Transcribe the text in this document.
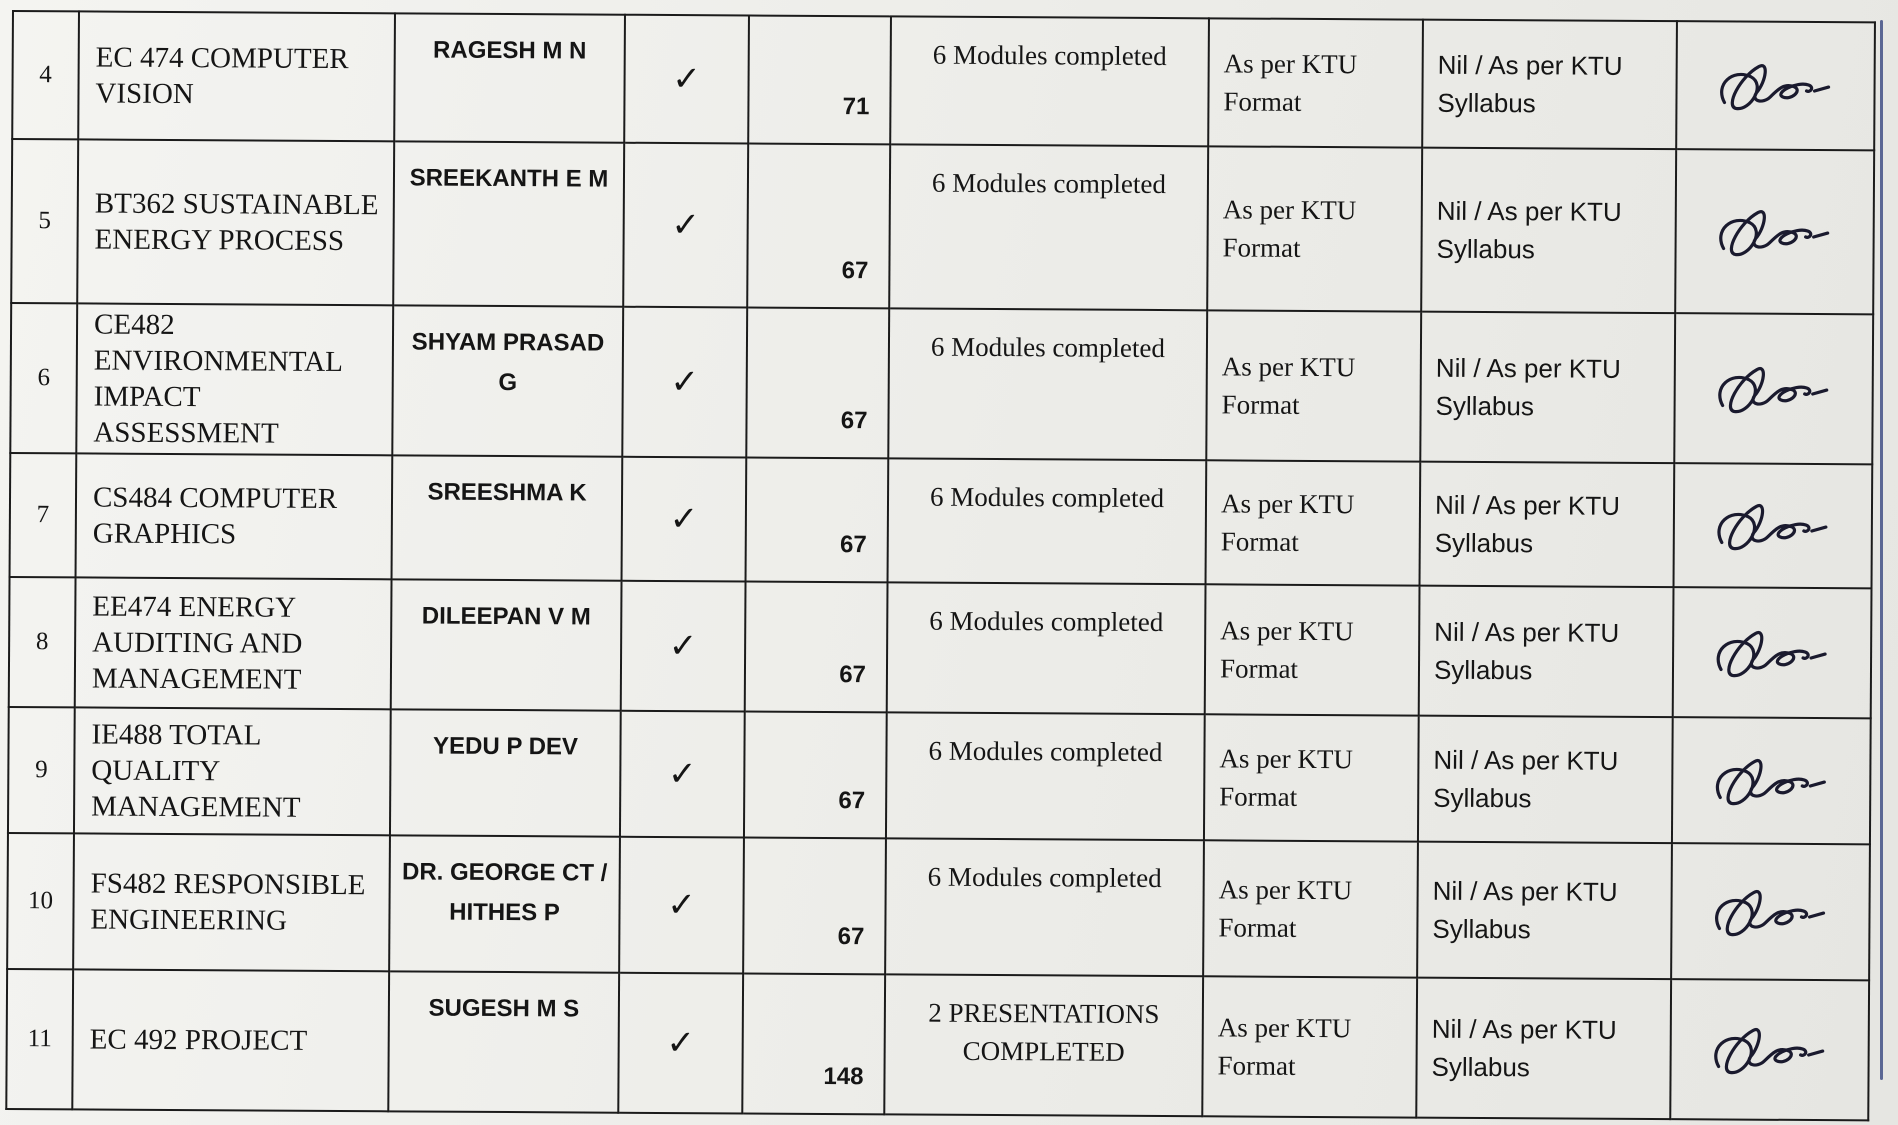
4	EC 474 COMPUTER VISION	RAGESH M N	✓	71	6 Modules completed	As per KTU Format	Nil / As per KTU Syllabus	

5	BT362 SUSTAINABLE ENERGY PROCESS	SREEKANTH E M	✓	67	6 Modules completed	As per KTU Format	Nil / As per KTU Syllabus	

6	CE482 ENVIRONMENTAL IMPACT ASSESSMENT	SHYAM PRASAD G	✓	67	6 Modules completed	As per KTU Format	Nil / As per KTU Syllabus	

7	CS484 COMPUTER GRAPHICS	SREESHMA K	✓	67	6 Modules completed	As per KTU Format	Nil / As per KTU Syllabus	

8	EE474 ENERGY AUDITING AND MANAGEMENT	DILEEPAN V M	✓	67	6 Modules completed	As per KTU Format	Nil / As per KTU Syllabus	

9	IE488 TOTAL QUALITY MANAGEMENT	YEDU P DEV	✓	67	6 Modules completed	As per KTU Format	Nil / As per KTU Syllabus	

10	FS482 RESPONSIBLE ENGINEERING	DR. GEORGE CT / HITHES P	✓	67	6 Modules completed	As per KTU Format	Nil / As per KTU Syllabus	

11	EC 492 PROJECT	SUGESH M S	✓	148	2 PRESENTATIONS COMPLETED	As per KTU Format	Nil / As per KTU Syllabus	
